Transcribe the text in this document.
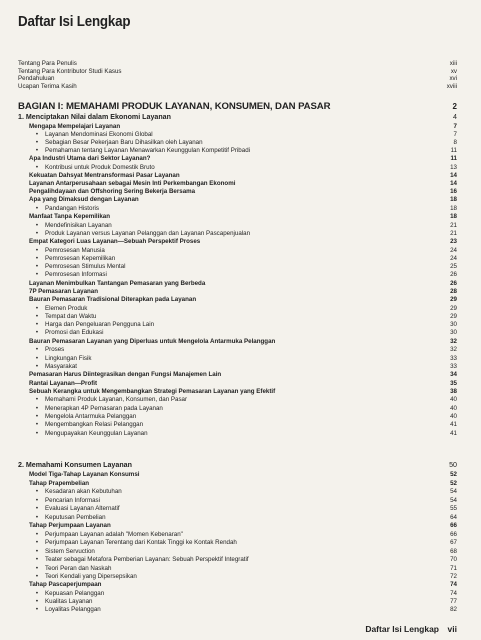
Daftar Isi Lengkap
Tentang Para Penulis	xiii
Tentang Para Kontributor Studi Kasus	xv
Pendahuluan	xvi
Ucapan Terima Kasih	xviii
BAGIAN I: MEMAHAMI PRODUK LAYANAN, KONSUMEN, DAN PASAR	2
1. Menciptakan Nilai dalam Ekonomi Layanan	4
Mengapa Mempelajari Layanan	7
•	Layanan Mendominasi Ekonomi Global	7
•	Sebagian Besar Pekerjaan Baru Dihasilkan oleh Layanan	8
•	Pemahaman tentang Layanan Menawarkan Keunggulan Kompetitif Pribadi	11
Apa Industri Utama dari Sektor Layanan?	11
•	Kontribusi untuk Produk Domestik Bruto	13
Kekuatan Dahsyat Mentransformasi Pasar Layanan	14
Layanan Antarperusahaan sebagai Mesin Inti Perkembangan Ekonomi	14
Pengalihdayaan dan Offshoring Sering Bekerja Bersama	16
Apa yang Dimaksud dengan Layanan	18
•	Pandangan Historis	18
Manfaat Tanpa Kepemilikan	18
•	Mendefinisikan Layanan	21
•	Produk Layanan versus Layanan Pelanggan dan Layanan Pascapenjualan	21
Empat Kategori Luas Layanan—Sebuah Perspektif Proses	23
•	Pemrosesan Manusia	24
•	Pemrosesan Kepemilikan	24
•	Pemrosesan Stimulus Mental	25
•	Pemrosesan Informasi	26
Layanan Menimbulkan Tantangan Pemasaran yang Berbeda	26
7P Pemasaran Layanan	28
Bauran Pemasaran Tradisional Diterapkan pada Layanan	29
•	Elemen Produk	29
•	Tempat dan Waktu	29
•	Harga dan Pengeluaran Pengguna Lain	30
•	Promosi dan Edukasi	30
Bauran Pemasaran Layanan yang Diperluas untuk Mengelola Antarmuka Pelanggan	32
•	Proses	32
•	Lingkungan Fisik	33
•	Masyarakat	33
Pemasaran Harus Diintegrasikan dengan Fungsi Manajemen Lain	34
Rantai Layanan—Profit	35
Sebuah Kerangka untuk Mengembangkan Strategi Pemasaran Layanan yang Efektif	38
•	Memahami Produk Layanan, Konsumen, dan Pasar	40
•	Menerapkan 4P Pemasaran pada Layanan	40
•	Mengelola Antarmuka Pelanggan	40
•	Mengembangkan Relasi Pelanggan	41
•	Mengupayakan Keunggulan Layanan	41
2. Memahami Konsumen Layanan	50
Model Tiga-Tahap Layanan Konsumsi	52
Tahap Prapembelian	52
•	Kesadaran akan Kebutuhan	54
•	Pencarian Informasi	54
•	Evaluasi Layanan Alternatif	55
•	Keputusan Pembelian	64
Tahap Perjumpaan Layanan	66
•	Perjumpaan Layanan adalah "Momen Kebenaran"	66
•	Perjumpaan Layanan Terentang dari Kontak Tinggi ke Kontak Rendah	67
•	Sistem Servuction	68
•	Teater sebagai Metafora Pemberian Layanan: Sebuah Perspektif Integratif	70
•	Teori Peran dan Naskah	71
•	Teori Kendali yang Dipersepsikan	72
Tahap Pascaperjumpaan	74
•	Kepuasan Pelanggan	74
•	Kualitas Layanan	77
•	Loyalitas Pelanggan	82
Daftar Isi Lengkap vii
